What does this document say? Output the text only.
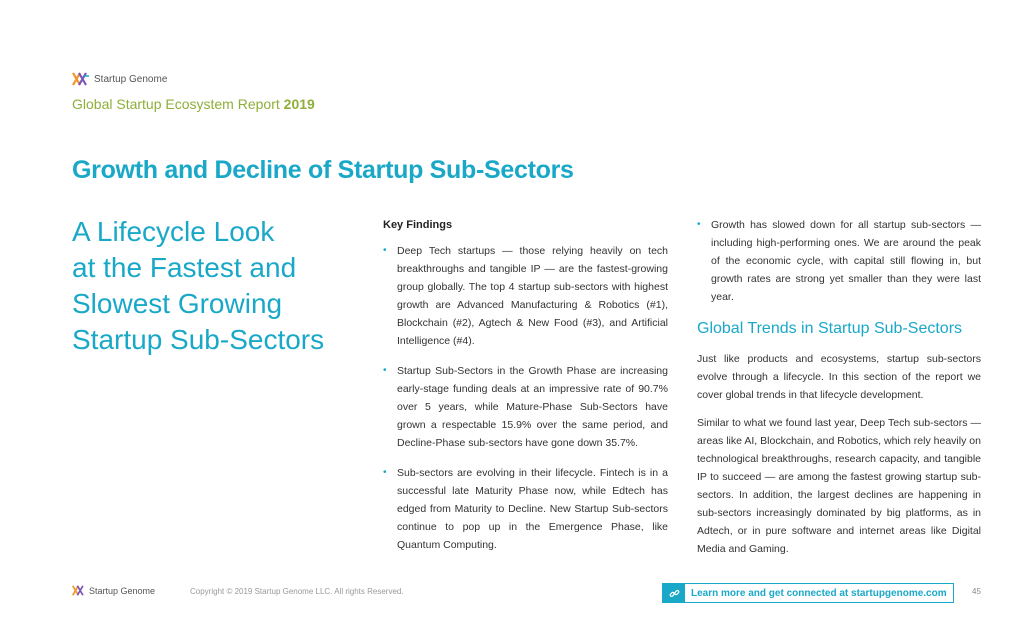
Startup Genome
Global Startup Ecosystem Report 2019
Growth and Decline of Startup Sub-Sectors
A Lifecycle Look
at the Fastest and
Slowest Growing
Startup Sub-Sectors
Key Findings
• Deep Tech startups — those relying heavily on tech breakthroughs and tangible IP — are the fastest-growing group globally. The top 4 startup sub-sectors with highest growth are Advanced Manufacturing & Robotics (#1), Blockchain (#2), Agtech & New Food (#3), and Artificial Intelligence (#4).
• Startup Sub-Sectors in the Growth Phase are increasing early-stage funding deals at an impressive rate of 90.7% over 5 years, while Mature-Phase Sub-Sectors have grown a respectable 15.9% over the same period, and Decline-Phase sub-sectors have gone down 35.7%.
• Sub-sectors are evolving in their lifecycle. Fintech is in a successful late Maturity Phase now, while Edtech has edged from Maturity to Decline. New Startup Sub-sectors continue to pop up in the Emergence Phase, like Quantum Computing.
• Growth has slowed down for all startup sub-sectors — including high-performing ones. We are around the peak of the economic cycle, with capital still flowing in, but growth rates are strong yet smaller than they were last year.
Global Trends in Startup Sub-Sectors

Just like products and ecosystems, startup sub-sectors evolve through a lifecycle. In this section of the report we cover global trends in that lifecycle development.

Similar to what we found last year, Deep Tech sub-sectors — areas like AI, Blockchain, and Robotics, which rely heavily on technological breakthroughs, research capacity, and tangible IP to succeed — are among the fastest growing startup sub-sectors. In addition, the largest declines are happening in sub-sectors increasingly dominated by big platforms, as in Adtech, or in pure software and internet areas like Digital Media and Gaming.

Startup Genome	Copyright © 2019 Startup Genome LLC. All rights Reserved.	Learn more and get connected at startupgenome.com	45
